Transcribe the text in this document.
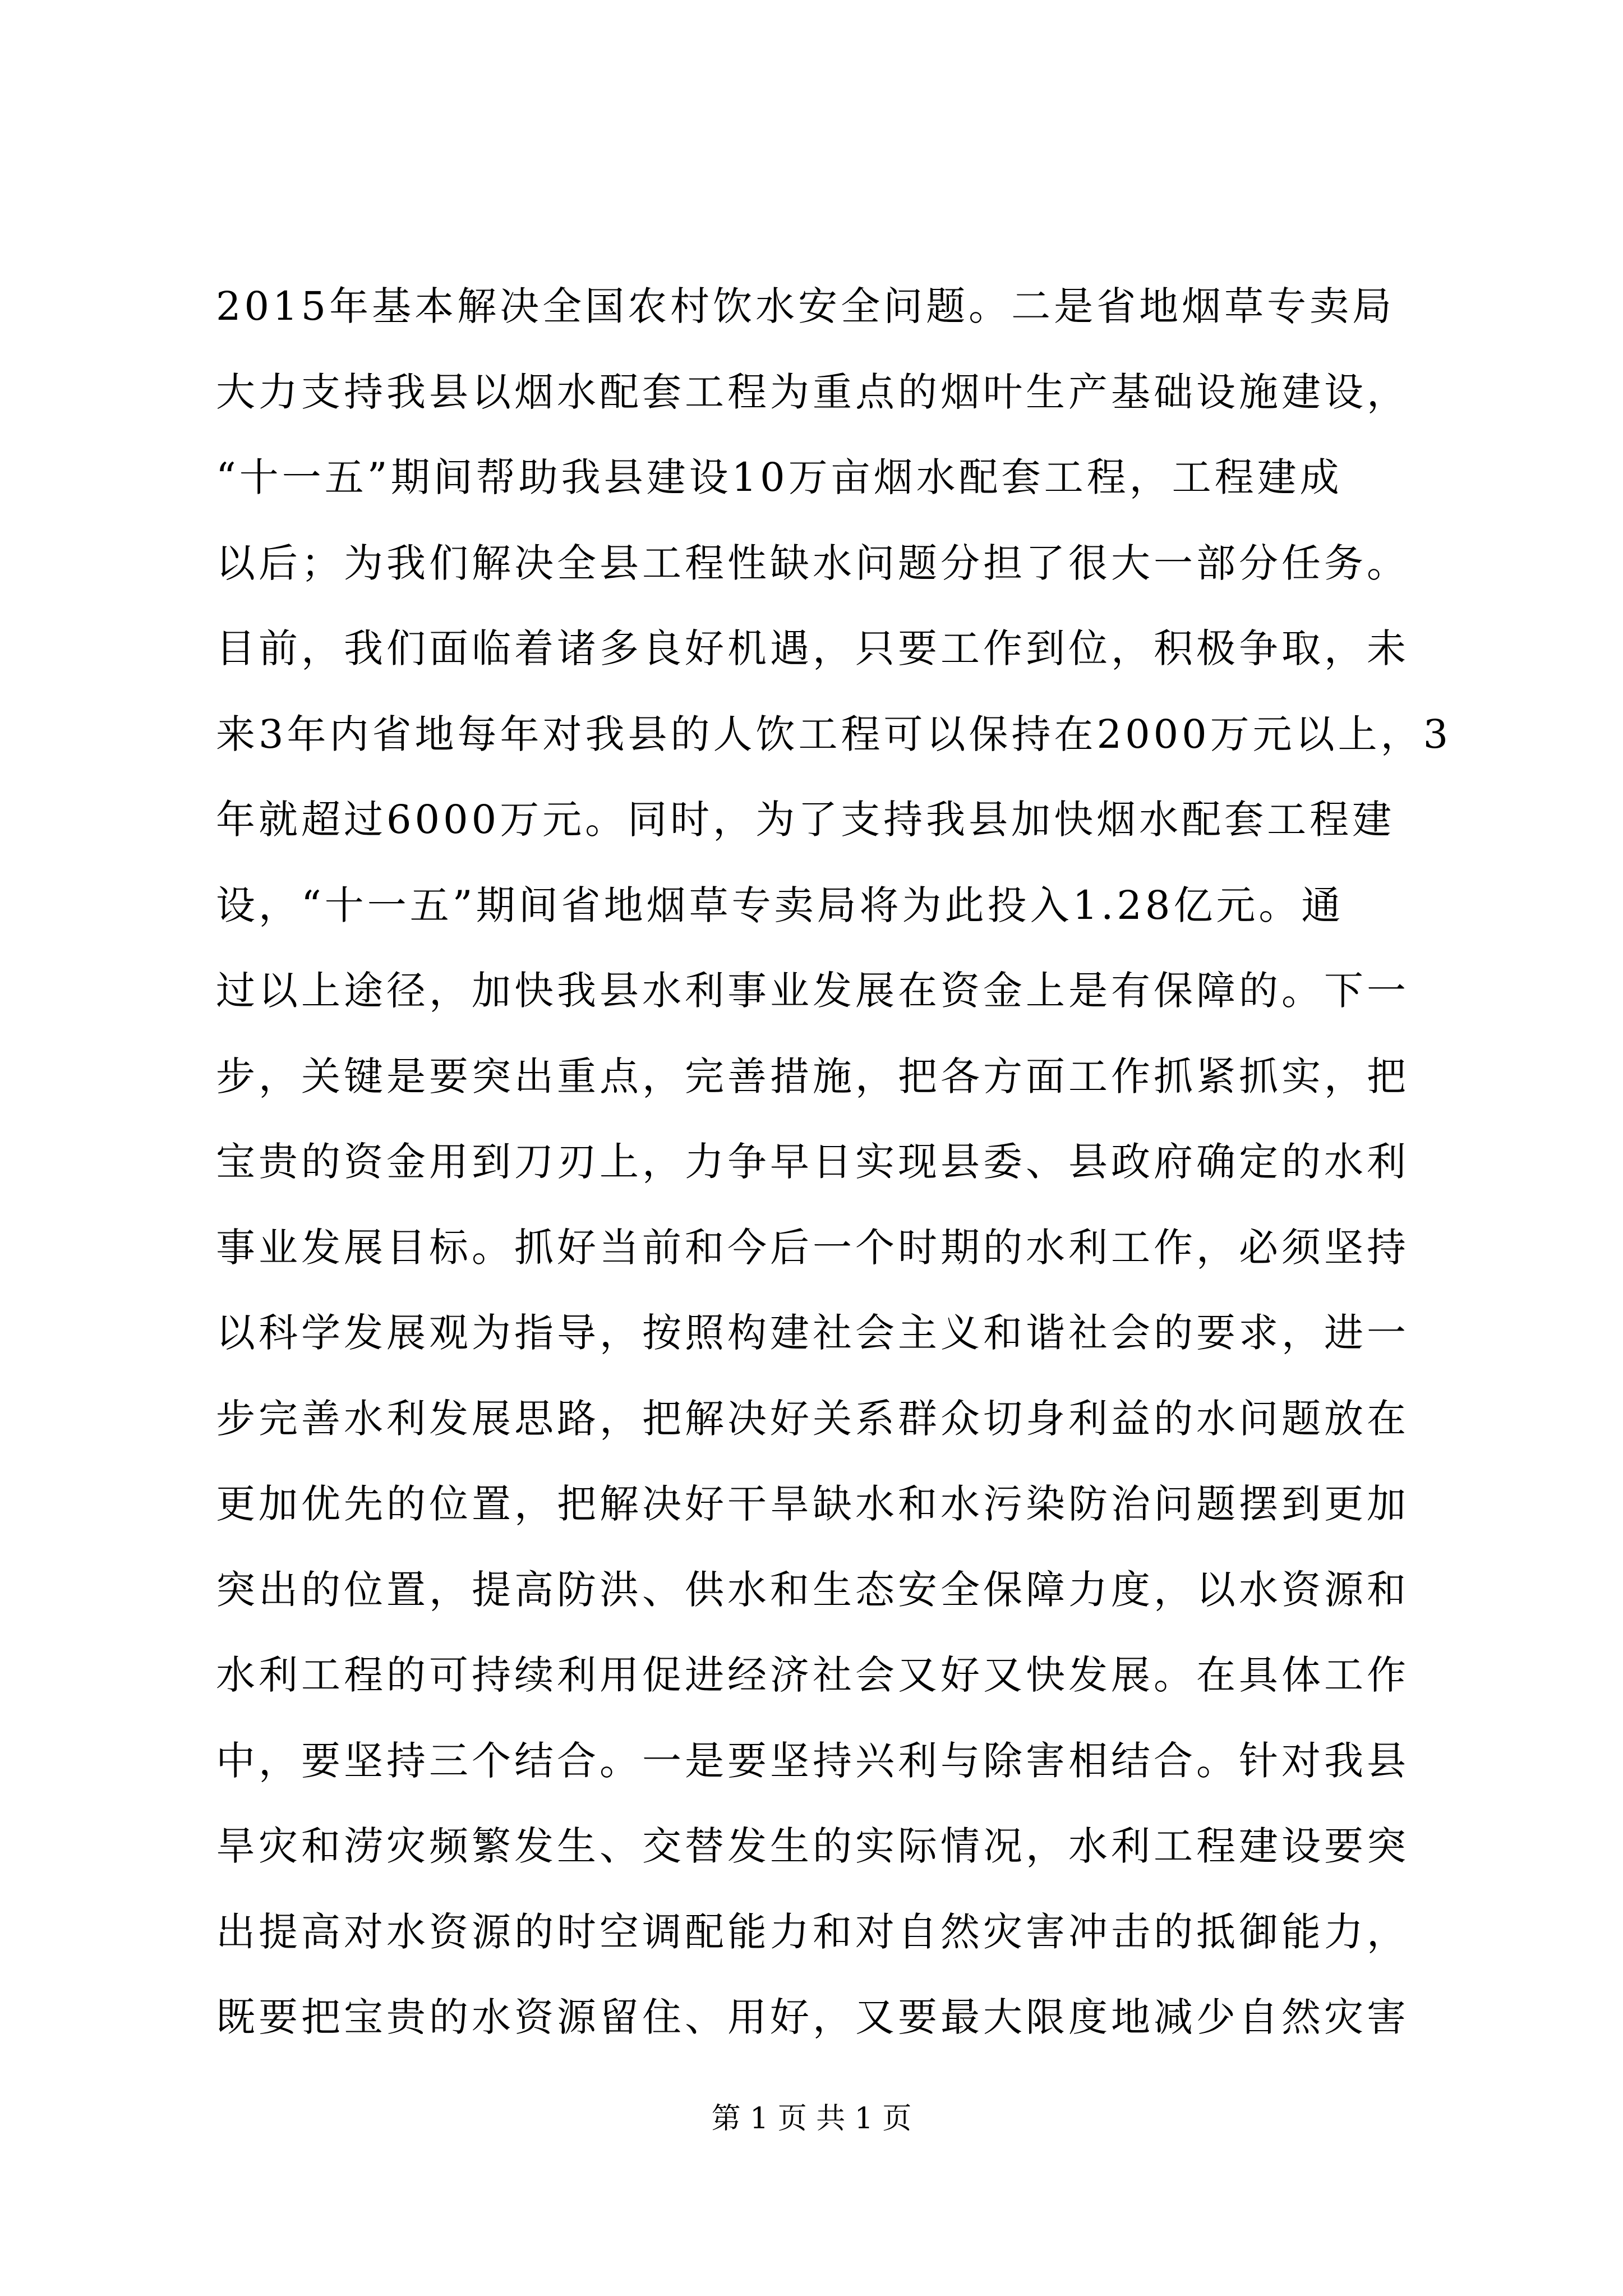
2015年基本解决全国农村饮水安全问题。二是省地烟草专卖局
大力支持我县以烟水配套工程为重点的烟叶生产基础设施建设，
“十一五”期间帮助我县建设10万亩烟水配套工程，工程建成
以后；为我们解决全县工程性缺水问题分担了很大一部分任务。
目前，我们面临着诸多良好机遇，只要工作到位，积极争取，未
来3年内省地每年对我县的人饮工程可以保持在2000万元以上，3
年就超过6000万元。同时，为了支持我县加快烟水配套工程建
设，“十一五”期间省地烟草专卖局将为此投入1.28亿元。通
过以上途径，加快我县水利事业发展在资金上是有保障的。下一
步，关键是要突出重点，完善措施，把各方面工作抓紧抓实，把
宝贵的资金用到刀刃上，力争早日实现县委、县政府确定的水利
事业发展目标。抓好当前和今后一个时期的水利工作，必须坚持
以科学发展观为指导，按照构建社会主义和谐社会的要求，进一
步完善水利发展思路，把解决好关系群众切身利益的水问题放在
更加优先的位置，把解决好干旱缺水和水污染防治问题摆到更加
突出的位置，提高防洪、供水和生态安全保障力度，以水资源和
水利工程的可持续利用促进经济社会又好又快发展。在具体工作
中，要坚持三个结合。一是要坚持兴利与除害相结合。针对我县
旱灾和涝灾频繁发生、交替发生的实际情况，水利工程建设要突
出提高对水资源的时空调配能力和对自然灾害冲击的抵御能力，
既要把宝贵的水资源留住、用好，又要最大限度地减少自然灾害
第 1 页 共 1 页
